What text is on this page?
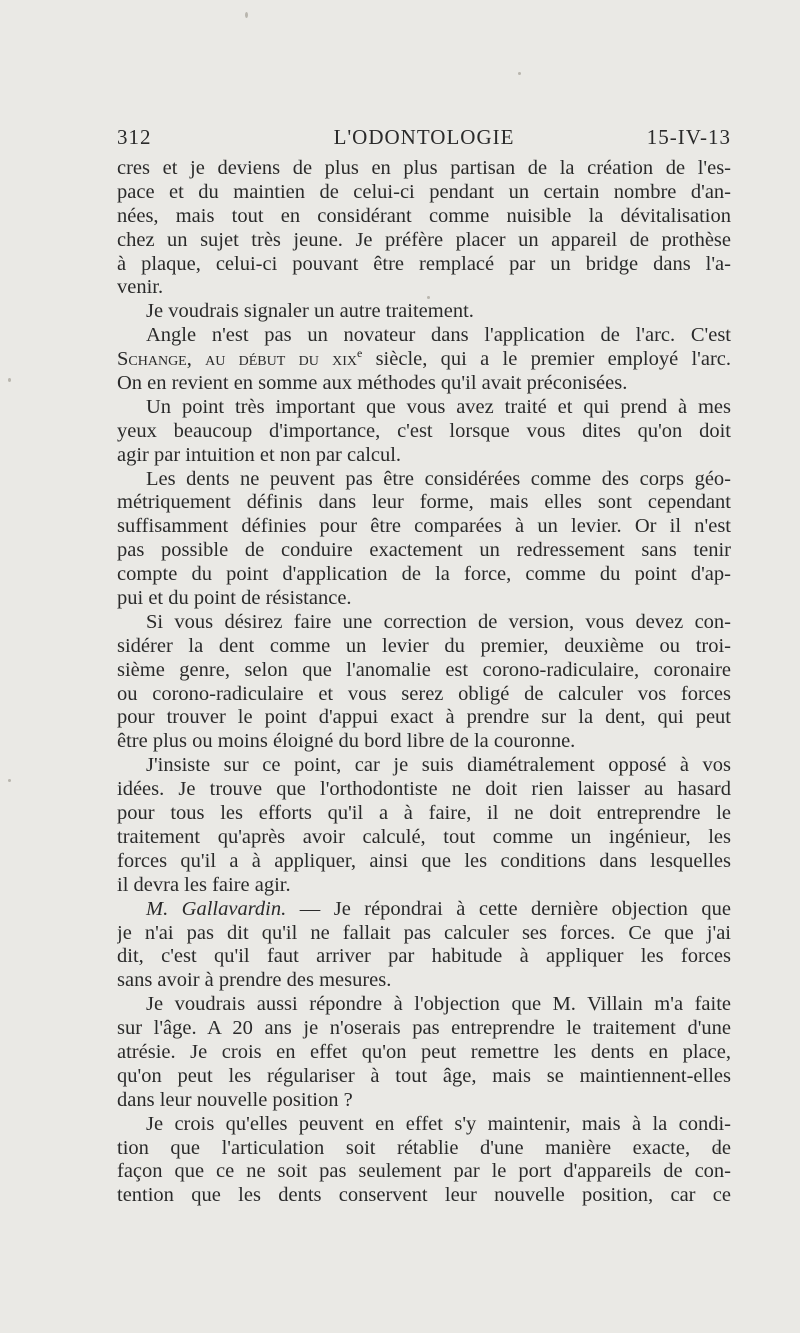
312	L'ODONTOLOGIE	15-IV-13
cres et je deviens de plus en plus partisan de la création de l'es-
pace et du maintien de celui-ci pendant un certain nombre d'an-
nées, mais tout en considérant comme nuisible la dévitalisation
chez un sujet très jeune. Je préfère placer un appareil de prothèse
à plaque, celui-ci pouvant être remplacé par un bridge dans l'a-
venir.
Je voudrais signaler un autre traitement.
Angle n'est pas un novateur dans l'application de l'arc. C'est
Schange, au début du xix$^e$ siècle, qui a le premier employé l'arc.
On en revient en somme aux méthodes qu'il avait préconisées.
Un point très important que vous avez traité et qui prend à mes
yeux beaucoup d'importance, c'est lorsque vous dites qu'on doit
agir par intuition et non par calcul.
Les dents ne peuvent pas être considérées comme des corps géo-
métriquement définis dans leur forme, mais elles sont cependant
suffisamment définies pour être comparées à un levier. Or il n'est
pas possible de conduire exactement un redressement sans tenir
compte du point d'application de la force, comme du point d'ap-
pui et du point de résistance.
Si vous désirez faire une correction de version, vous devez con-
sidérer la dent comme un levier du premier, deuxième ou troi-
sième genre, selon que l'anomalie est corono-radiculaire, coronaire
ou corono-radiculaire et vous serez obligé de calculer vos forces
pour trouver le point d'appui exact à prendre sur la dent, qui peut
être plus ou moins éloigné du bord libre de la couronne.
J'insiste sur ce point, car je suis diamétralement opposé à vos
idées. Je trouve que l'orthodontiste ne doit rien laisser au hasard
pour tous les efforts qu'il a à faire, il ne doit entreprendre le
traitement qu'après avoir calculé, tout comme un ingénieur, les
forces qu'il a à appliquer, ainsi que les conditions dans lesquelles
il devra les faire agir.
M. Gallavardin. — Je répondrai à cette dernière objection que
je n'ai pas dit qu'il ne fallait pas calculer ses forces. Ce que j'ai
dit, c'est qu'il faut arriver par habitude à appliquer les forces
sans avoir à prendre des mesures.
Je voudrais aussi répondre à l'objection que M. Villain m'a faite
sur l'âge. A 20 ans je n'oserais pas entreprendre le traitement d'une
atrésie. Je crois en effet qu'on peut remettre les dents en place,
qu'on peut les régulariser à tout âge, mais se maintiennent-elles
dans leur nouvelle position ?
Je crois qu'elles peuvent en effet s'y maintenir, mais à la condi-
tion que l'articulation soit rétablie d'une manière exacte, de
façon que ce ne soit pas seulement par le port d'appareils de con-
tention que les dents conservent leur nouvelle position, car ce
